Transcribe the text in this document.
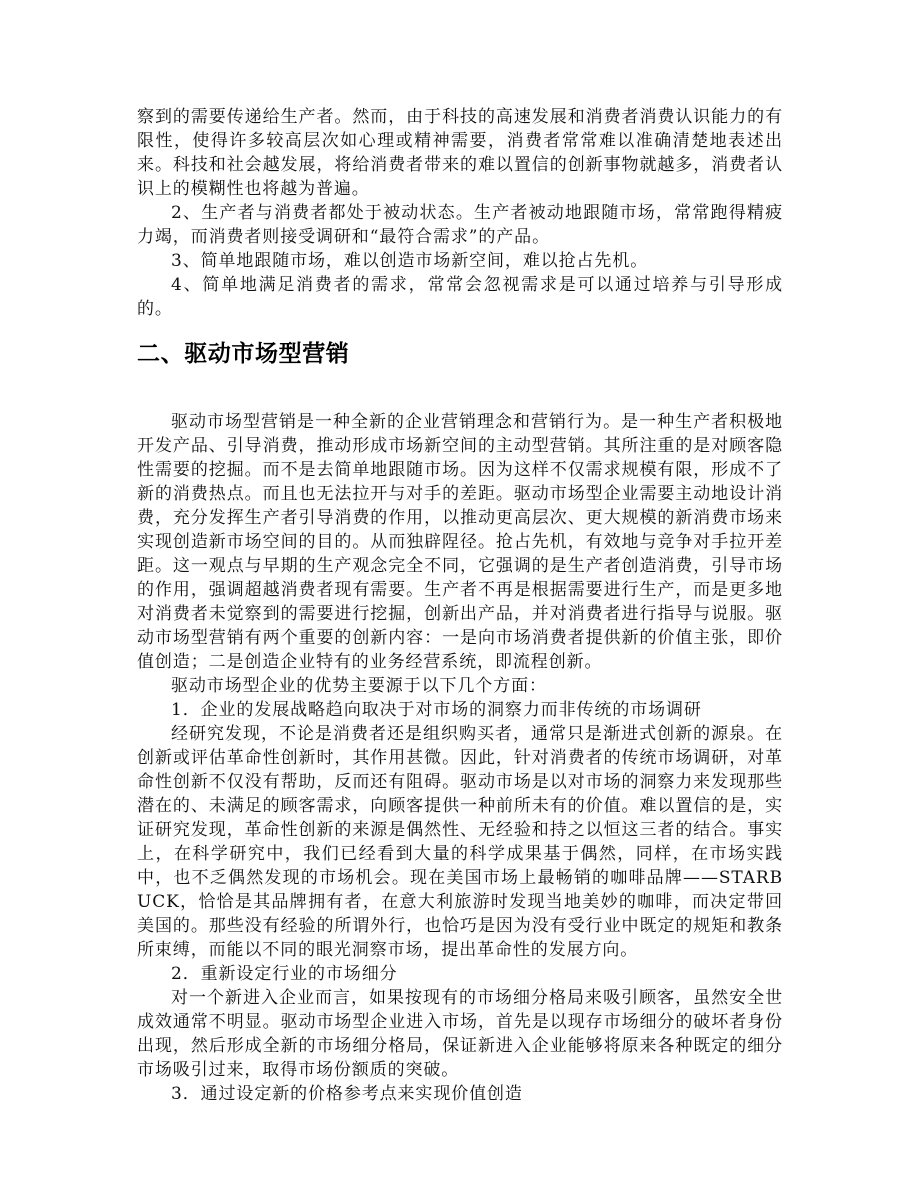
察到的需要传递给生产者。然而，由于科技的高速发展和消费者消费认识能力的有限性，使得许多较高层次如心理或精神需要，消费者常常难以准确清楚地表述出来。科技和社会越发展，将给消费者带来的难以置信的创新事物就越多，消费者认识上的模糊性也将越为普遍。

2、生产者与消费者都处于被动状态。生产者被动地跟随市场，常常跑得精疲力竭，而消费者则接受调研和“最符合需求”的产品。

3、简单地跟随市场，难以创造市场新空间，难以抢占先机。

4、简单地满足消费者的需求，常常会忽视需求是可以通过培养与引导形成的。

二、驱动市场型营销

驱动市场型营销是一种全新的企业营销理念和营销行为。是一种生产者积极地开发产品、引导消费，推动形成市场新空间的主动型营销。其所注重的是对顾客隐性需要的挖掘。而不是去简单地跟随市场。因为这样不仅需求规模有限，形成不了新的消费热点。而且也无法拉开与对手的差距。驱动市场型企业需要主动地设计消费，充分发挥生产者引导消费的作用，以推动更高层次、更大规模的新消费市场来实现创造新市场空间的目的。从而独辟陧径。抢占先机，有效地与竞争对手拉开差距。这一观点与早期的生产观念完全不同，它强调的是生产者创造消费，引导市场的作用，强调超越消费者现有需要。生产者不再是根据需要进行生产，而是更多地对消费者未觉察到的需要进行挖掘，创新出产品，并对消费者进行指导与说服。驱动市场型营销有两个重要的创新内容：一是向市场消费者提供新的价值主张，即价值创造；二是创造企业特有的业务经营系统，即流程创新。

驱动市场型企业的优势主要源于以下几个方面：

1．企业的发展战略趋向取决于对市场的洞察力而非传统的市场调研

经研究发现，不论是消费者还是组织购买者，通常只是渐进式创新的源泉。在创新或评估革命性创新时，其作用甚微。因此，针对消费者的传统市场调研，对革命性创新不仅没有帮助，反而还有阻碍。驱动市场是以对市场的洞察力来发现那些潜在的、未满足的顾客需求，向顾客提供一种前所未有的价值。难以置信的是，实证研究发现，革命性创新的来源是偶然性、无经验和持之以恒这三者的结合。事实上，在科学研究中，我们已经看到大量的科学成果基于偶然，同样，在市场实践中，也不乏偶然发现的市场机会。现在美国市场上最畅销的咖啡品牌——STARBUCK，恰恰是其品牌拥有者，在意大利旅游时发现当地美妙的咖啡，而决定带回美国的。那些没有经验的所谓外行，也恰巧是因为没有受行业中既定的规矩和教条所束缚，而能以不同的眼光洞察市场，提出革命性的发展方向。

2．重新设定行业的市场细分

对一个新进入企业而言，如果按现有的市场细分格局来吸引顾客，虽然安全世成效通常不明显。驱动市场型企业进入市场，首先是以现存市场细分的破坏者身份出现，然后形成全新的市场细分格局，保证新进入企业能够将原来各种既定的细分市场吸引过来，取得市场份额质的突破。

3．通过设定新的价格参考点来实现价值创造
